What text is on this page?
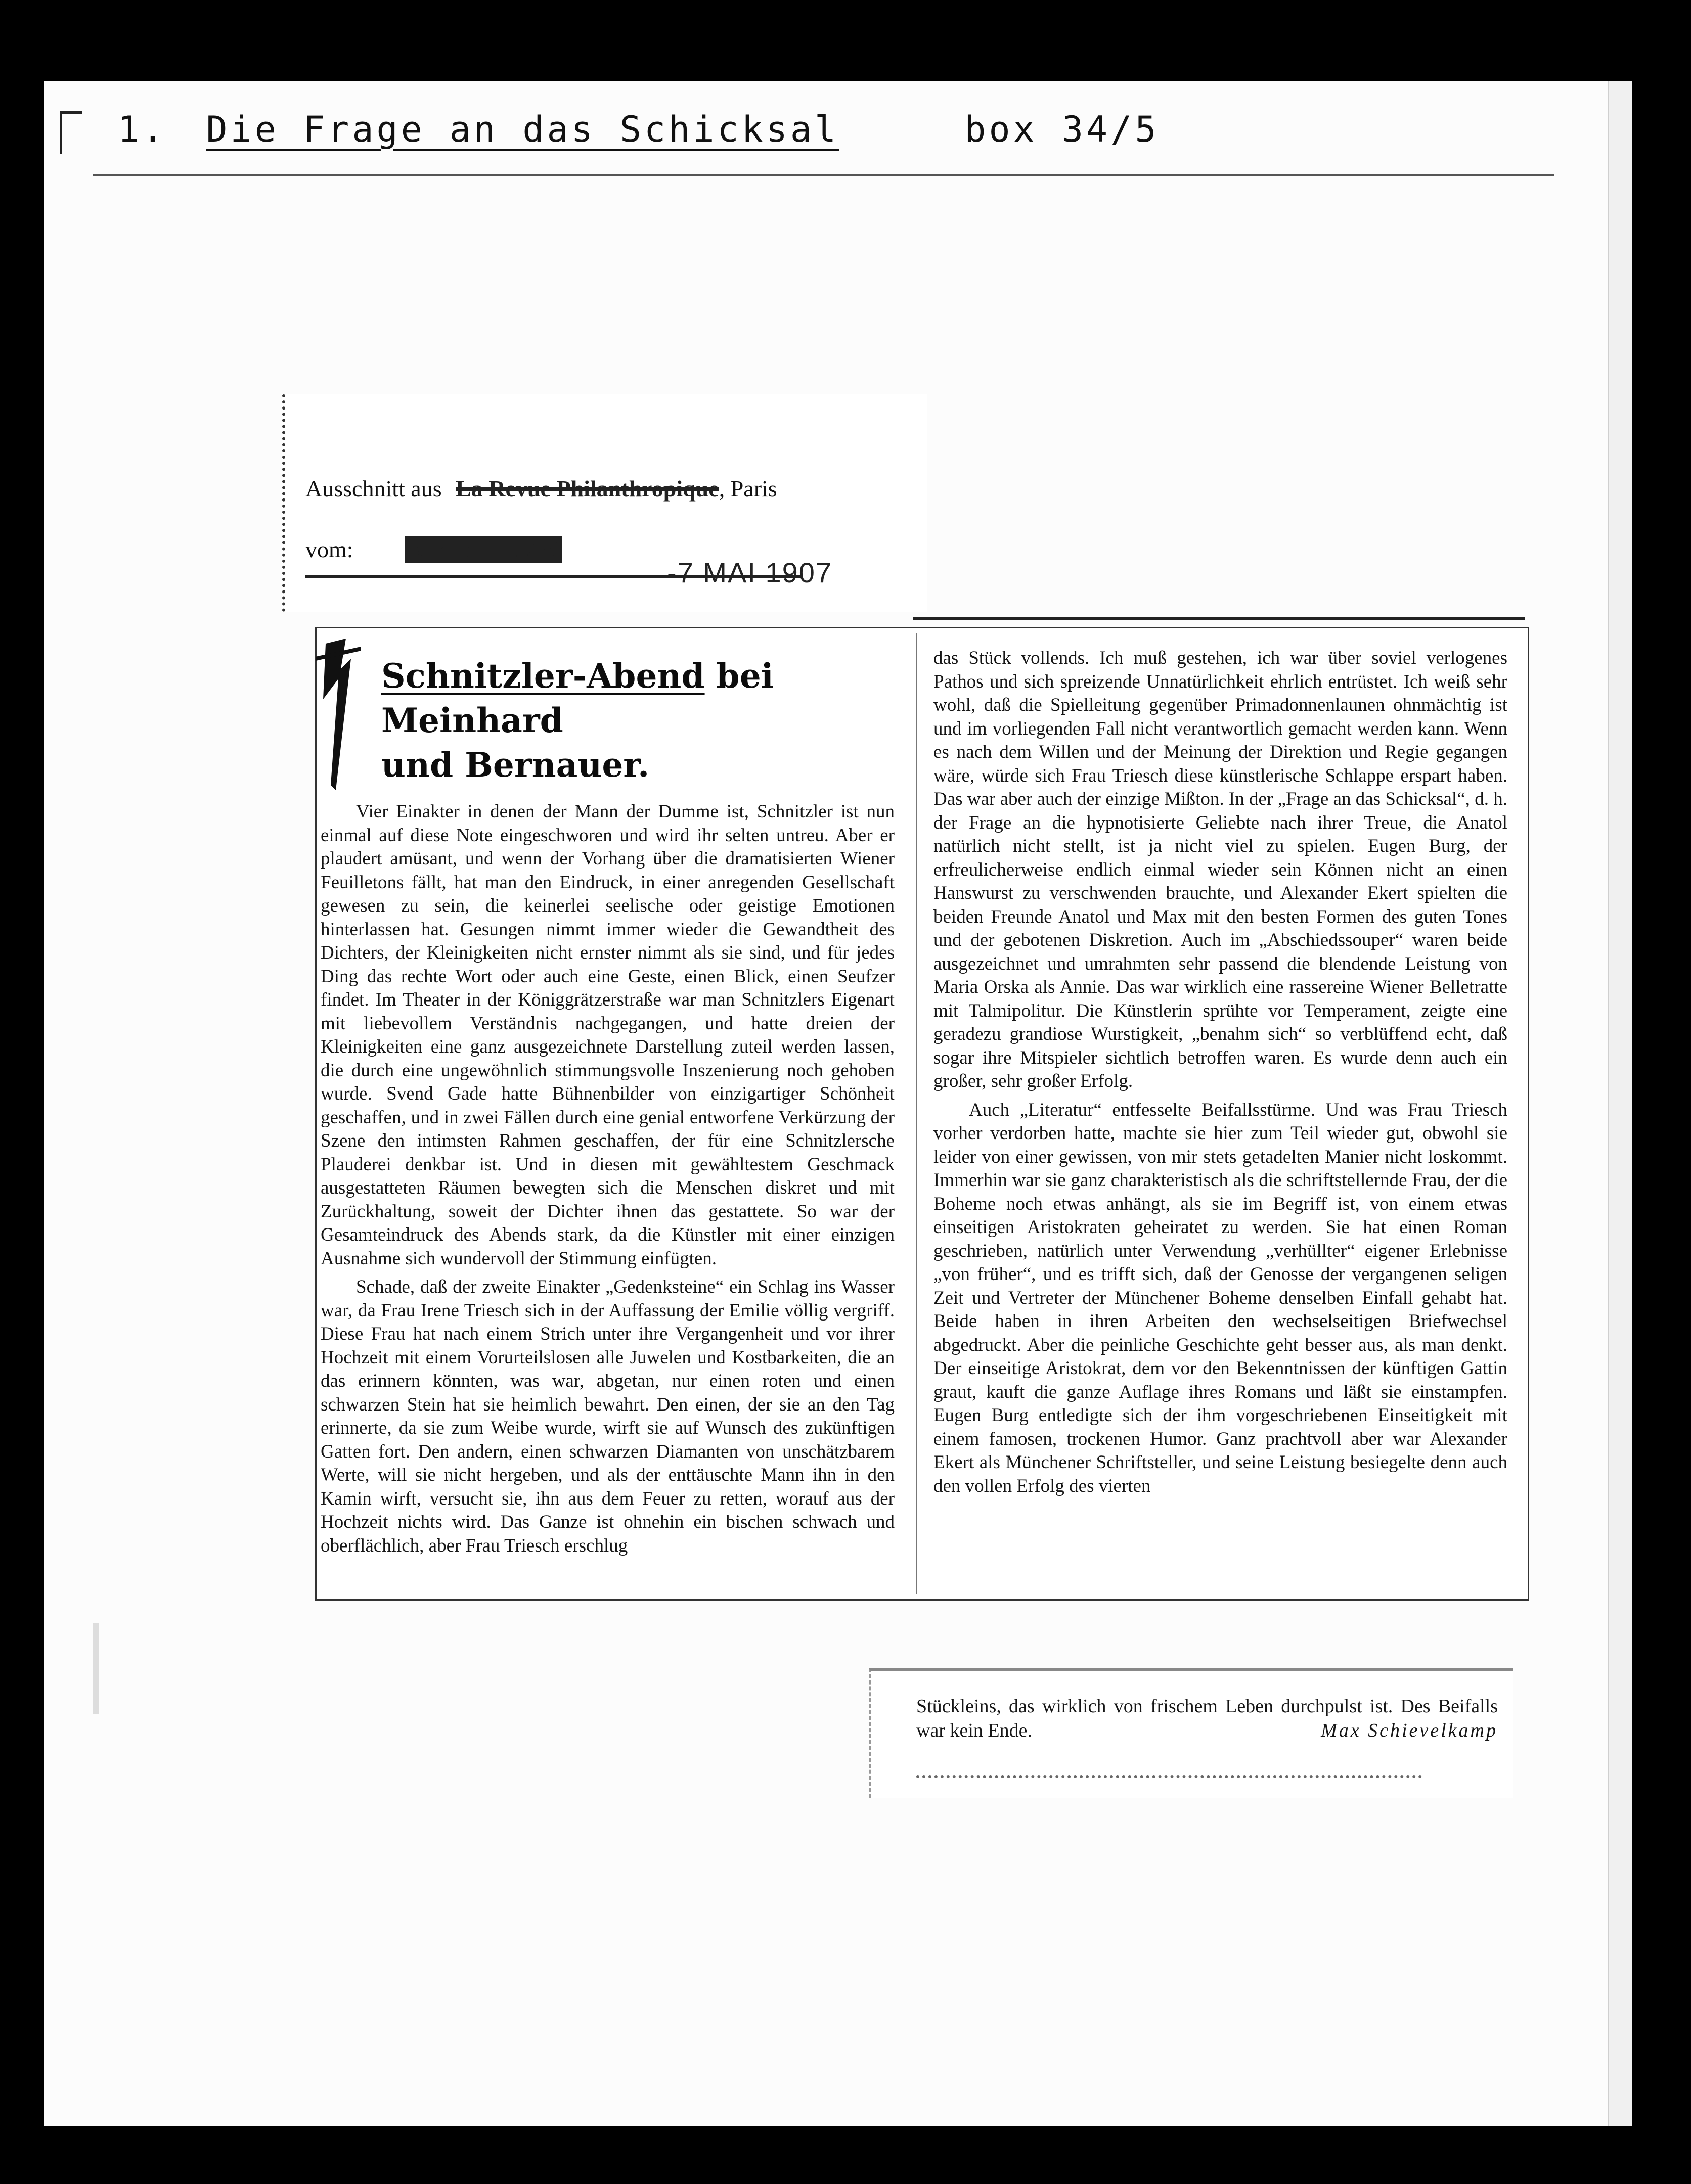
1. Die Frage an das Schicksal	box 34/5
Ausschnitt aus La Revue Philanthropique, Paris
vom: Bureau Illustré
-7 MAI 1907
Schnitzler-Abend bei Meinhard
und Bernauer.

Vier Einakter in denen der Mann der Dumme ist, Schnitzler ist nun einmal auf diese Note eingeschworen und wird ihr selten untreu. Aber er plaudert amüsant, und wenn der Vorhang über die dramatisierten Wiener Feuilletons fällt, hat man den Eindruck, in einer anregenden Gesellschaft gewesen zu sein, die keinerlei seelische oder geistige Emotionen hinterlassen hat. Gesungen nimmt immer wieder die Gewandtheit des Dichters, der Kleinigkeiten nicht ernster nimmt als sie sind, und für jedes Ding das rechte Wort oder auch eine Geste, einen Blick, einen Seufzer findet. Im Theater in der Königgrätzerstraße war man Schnitzlers Eigenart mit liebevollem Verständnis nachgegangen, und hatte dreien der Kleinigkeiten eine ganz ausgezeichnete Darstellung zuteil werden lassen, die durch eine ungewöhnlich stimmungsvolle Inszenierung noch gehoben wurde. Svend Gade hatte Bühnenbilder von einzigartiger Schönheit geschaffen, und in zwei Fällen durch eine genial entworfene Verkürzung der Szene den intimsten Rahmen geschaffen, der für eine Schnitzlersche Plauderei denkbar ist. Und in diesen mit gewähltestem Geschmack ausgestatteten Räumen bewegten sich die Menschen diskret und mit Zurückhaltung, soweit der Dichter ihnen das gestattete. So war der Gesamteindruck des Abends stark, da die Künstler mit einer einzigen Ausnahme sich wundervoll der Stimmung einfügten.

Schade, daß der zweite Einakter „Gedenksteine“ ein Schlag ins Wasser war, da Frau Irene Triesch sich in der Auffassung der Emilie völlig vergriff. Diese Frau hat nach einem Strich unter ihre Vergangenheit und vor ihrer Hochzeit mit einem Vorurteilslosen alle Juwelen und Kostbarkeiten, die an das erinnern könnten, was war, abgetan, nur einen roten und einen schwarzen Stein hat sie heimlich bewahrt. Den einen, der sie an den Tag erinnerte, da sie zum Weibe wurde, wirft sie auf Wunsch des zukünftigen Gatten fort. Den andern, einen schwarzen Diamanten von unschätzbarem Werte, will sie nicht hergeben, und als der enttäuschte Mann ihn in den Kamin wirft, versucht sie, ihn aus dem Feuer zu retten, worauf aus der Hochzeit nichts wird. Das Ganze ist ohnehin ein bischen schwach und oberflächlich, aber Frau Triesch erschlug

das Stück vollends. Ich muß gestehen, ich war über soviel verlogenes Pathos und sich spreizende Unnatürlichkeit ehrlich entrüstet. Ich weiß sehr wohl, daß die Spielleitung gegenüber Primadonnenlaunen ohnmächtig ist und im vorliegenden Fall nicht verantwortlich gemacht werden kann. Wenn es nach dem Willen und der Meinung der Direktion und Regie gegangen wäre, würde sich Frau Triesch diese künstlerische Schlappe erspart haben. Das war aber auch der einzige Mißton. In der „Frage an das Schicksal“, d. h. der Frage an die hypnotisierte Geliebte nach ihrer Treue, die Anatol natürlich nicht stellt, ist ja nicht viel zu spielen. Eugen Burg, der erfreulicherweise endlich einmal wieder sein Können nicht an einen Hanswurst zu verschwenden brauchte, und Alexander Ekert spielten die beiden Freunde Anatol und Max mit den besten Formen des guten Tones und der gebotenen Diskretion. Auch im „Abschiedssouper“ waren beide ausgezeichnet und umrahmten sehr passend die blendende Leistung von Maria Orska als Annie. Das war wirklich eine rassereine Wiener Belletratte mit Talmipolitur. Die Künstlerin sprühte vor Temperament, zeigte eine geradezu grandiose Wurstigkeit, „benahm sich“ so verblüffend echt, daß sogar ihre Mitspieler sichtlich betroffen waren. Es wurde denn auch ein großer, sehr großer Erfolg.

Auch „Literatur“ entfesselte Beifallsstürme. Und was Frau Triesch vorher verdorben hatte, machte sie hier zum Teil wieder gut, obwohl sie leider von einer gewissen, von mir stets getadelten Manier nicht loskommt. Immerhin war sie ganz charakteristisch als die schriftstellernde Frau, der die Boheme noch etwas anhängt, als sie im Begriff ist, von einem etwas einseitigen Aristokraten geheiratet zu werden. Sie hat einen Roman geschrieben, natürlich unter Verwendung „verhüllter“ eigener Erlebnisse „von früher“, und es trifft sich, daß der Genosse der vergangenen seligen Zeit und Vertreter der Münchener Boheme denselben Einfall gehabt hat. Beide haben in ihren Arbeiten den wechselseitigen Briefwechsel abgedruckt. Aber die peinliche Geschichte geht besser aus, als man denkt. Der einseitige Aristokrat, dem vor den Bekenntnissen der künftigen Gattin graut, kauft die ganze Auflage ihres Romans und läßt sie einstampfen. Eugen Burg entledigte sich der ihm vorgeschriebenen Einseitigkeit mit einem famosen, trockenen Humor. Ganz prachtvoll aber war Alexander Ekert als Münchener Schriftsteller, und seine Leistung besiegelte denn auch den vollen Erfolg des vierten

Stückleins, das wirklich von frischem Leben durchpulst ist. Des Beifalls war kein Ende.	Max Schievelkamp
